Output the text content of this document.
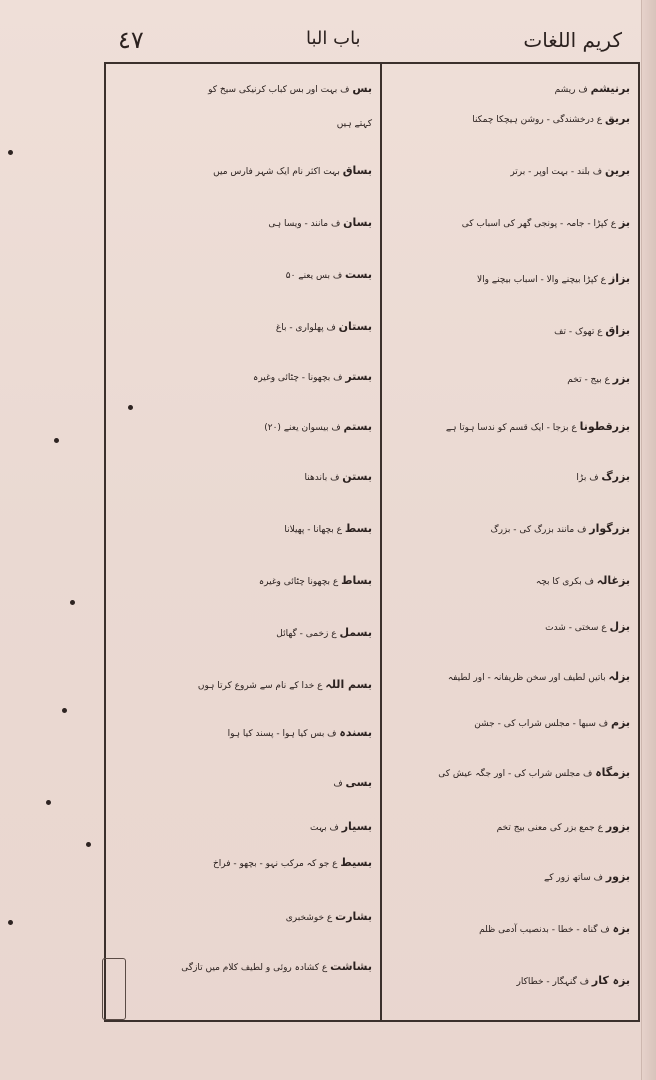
٤٧	باب البا	کریم اللغات
برنیشم ف ریشم
بریق ع درخشندگی - روشن ہیچکا چمکنا
برین ف بلند - بہت اوپر - برتر
بز ع کپڑا - جامہ - پونجی گھر کی اسباب کی
بزاز ع کپڑا بیچنے والا - اسباب بیچنے والا
بزاق ع تھوک - تف
بزر ع بیج - تخم
بزرقطونا ع بزجا - ایک قسم کو ندسا ہوتا ہے
بزرگ ف بڑا
بزرگوار ف مانند بزرگ کی - بزرگ
بزغالہ ف بکری کا بچہ
بزل ع سختی - شدت
بزلہ باتیں لطیف اور سخن ظریفانہ - اور لطیفہ
بزم ف سبھا - مجلس شراب کی - جشن
بزمگاہ ف مجلس شراب کی - اور جگہ عیش کی
بزور ع جمع بزر کی معنی بیج تخم
بزور ف ساتھ زور کے
بزہ ف گناہ - خطا - بدنصیب آدمی ظلم
بزہ کار ف گنہگار - خطاکار
بس ف بہت اور بس کباب کرنیکی سیخ کو
کہتے ہیں
بساق بہت اکثر نام ایک شہر فارس میں
بسان ف مانند - ویسا ہی
بست ف بس یعنے ۵۰
بستان ف پھلواری - باغ
بستر ف بچھونا - چٹائی وغیرہ
بستم ف بیسوان یعنے (۲۰)
بستن ف باندھنا
بسط ع بچھانا - پھیلانا
بساط ع بچھونا چٹائی وغیرہ
بسمل ع زخمی - گھائل
بسم اللہ ع خدا کے نام سے شروع کرتا ہوں
بسندہ ف بس کیا ہوا - پسند کیا ہوا
بسی ف
بسیار ف بہت
بسیط ع جو کہ مرکب نہو - بچھو - فراخ
بشارت ع خوشخبری
بشاشت ع کشادہ روئی و لطیف کلام میں تازگی
